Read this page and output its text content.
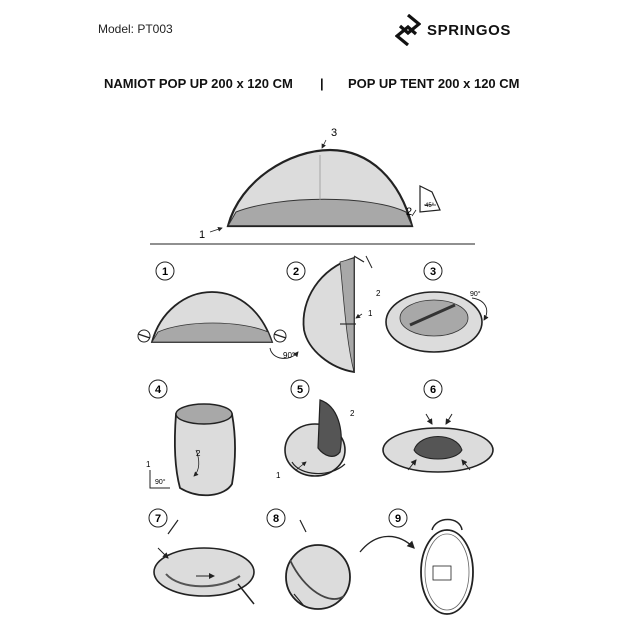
Model: PT003	SPRINGOS
NAMIOT POP UP 200 x 120 CM | POP UP TENT 200 x 120 CM
3
1
2 45°
1	2	3
4	5	6
7	8	9
90°
2
1
90°
2
1
90°
2
1
